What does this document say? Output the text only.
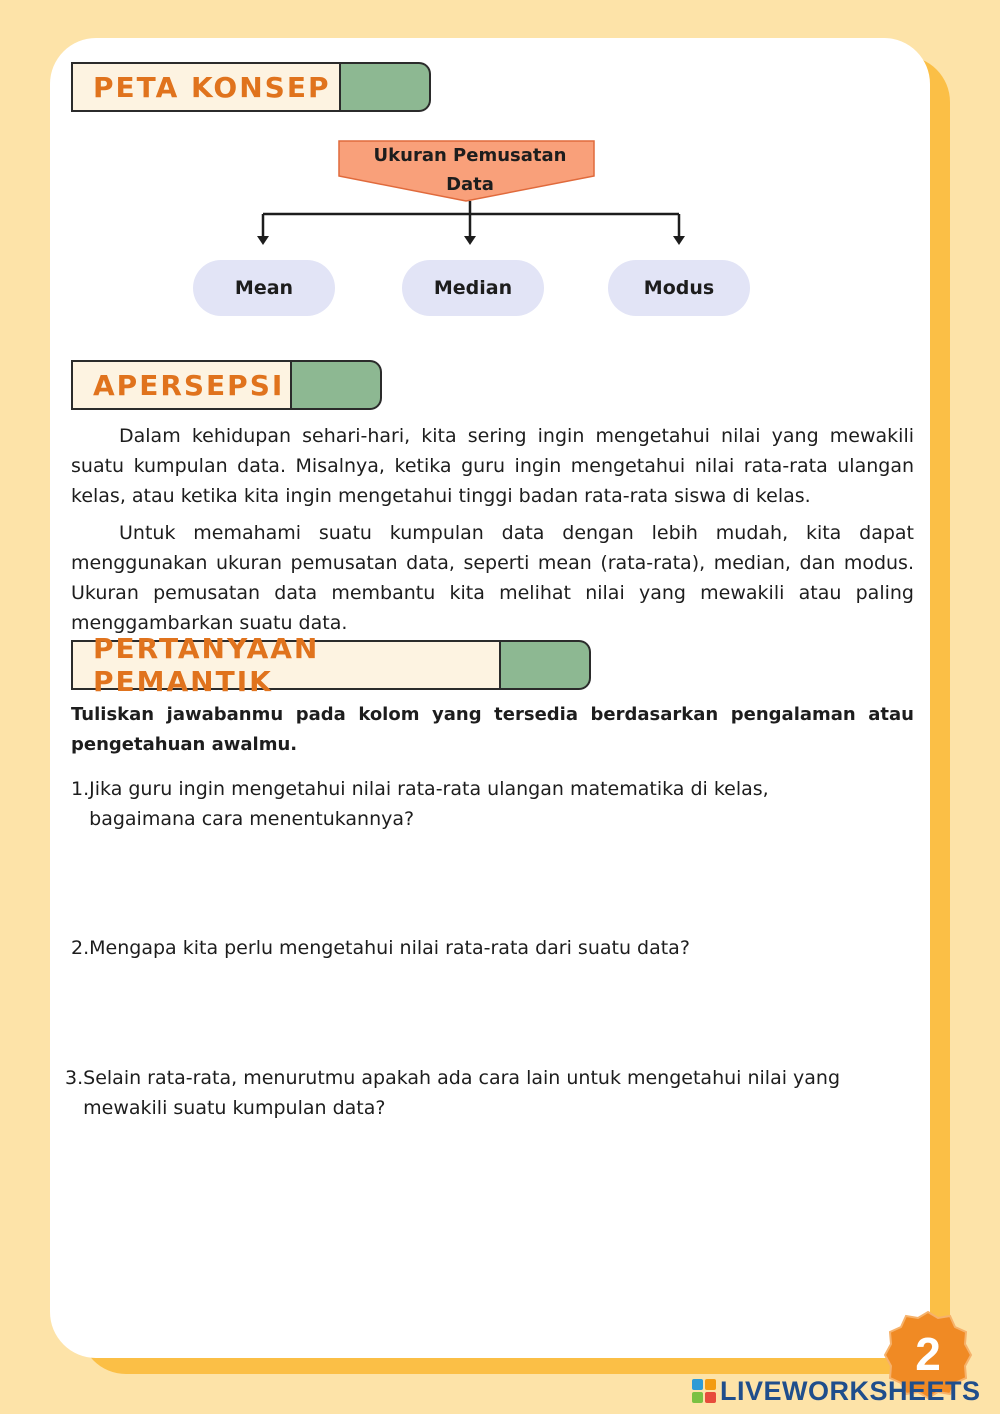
PETA KONSEP
Ukuran Pemusatan
Data
Mean	Median	Modus
APERSEPSI

Dalam kehidupan sehari-hari, kita sering ingin mengetahui nilai yang mewakili suatu kumpulan data. Misalnya, ketika guru ingin mengetahui nilai rata-rata ulangan kelas, atau ketika kita ingin mengetahui tinggi badan rata-rata siswa di kelas.

Untuk memahami suatu kumpulan data dengan lebih mudah, kita dapat menggunakan ukuran pemusatan data, seperti mean (rata-rata), median, dan modus. Ukuran pemusatan data membantu kita melihat nilai yang mewakili atau paling menggambarkan suatu data.

PERTANYAAN PEMANTIK

Tuliskan jawabanmu pada kolom yang tersedia berdasarkan pengalaman atau pengetahuan awalmu.

1. Jika guru ingin mengetahui nilai rata-rata ulangan matematika di kelas, bagaimana cara menentukannya?
2. Mengapa kita perlu mengetahui nilai rata-rata dari suatu data?
3. Selain rata-rata, menurutmu apakah ada cara lain untuk mengetahui nilai yang mewakili suatu kumpulan data?
2
LIVEWORKSHEETS
